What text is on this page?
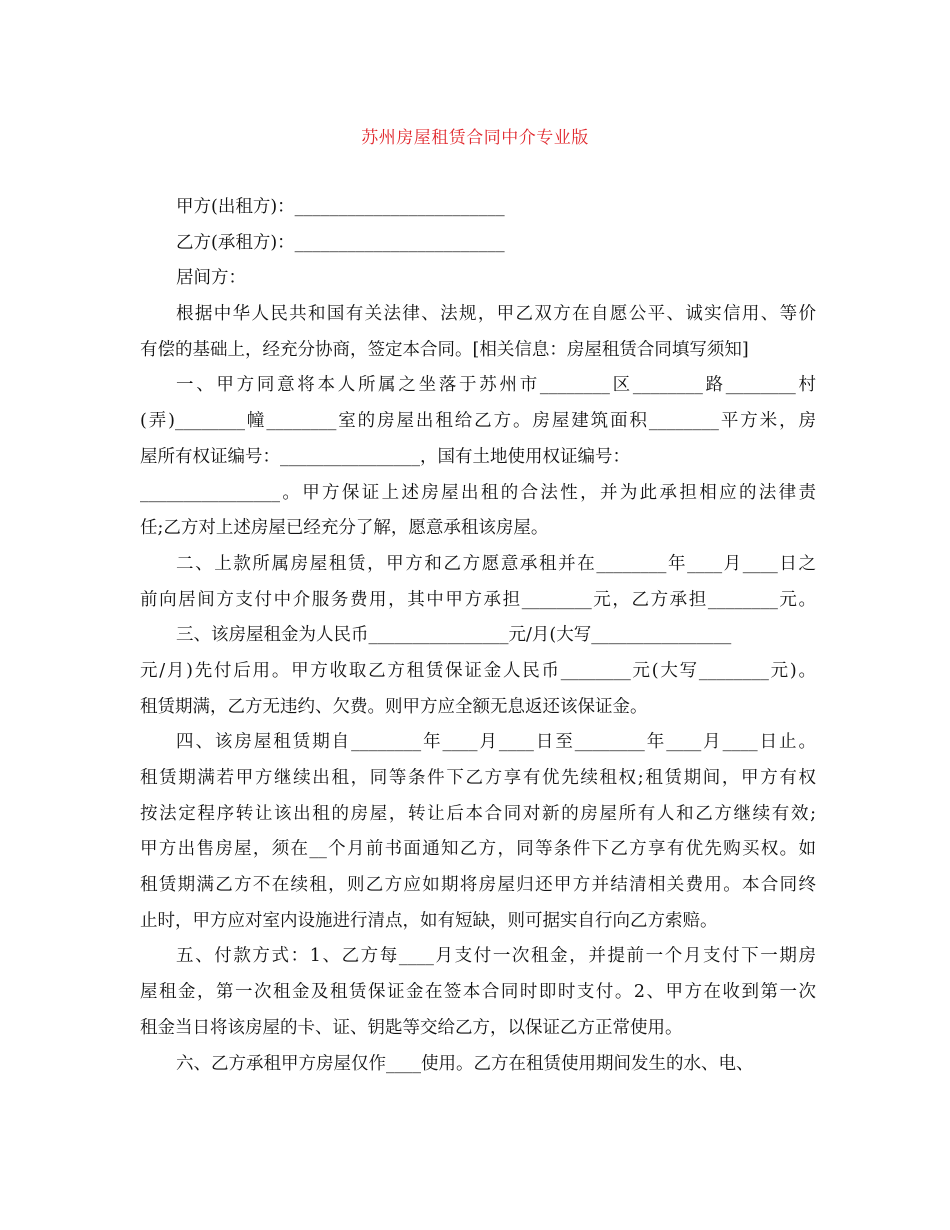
苏州房屋租赁合同中介专业版
甲方(出租方)：________________________
乙方(承租方)：________________________
居间方：
根据中华人民共和国有关法律、法规，甲乙双方在自愿公平、诚实信用、等价
有偿的基础上，经充分协商，签定本合同。[相关信息：房屋租赁合同填写须知]
一、甲方同意将本人所属之坐落于苏州市________区________路________村
(弄)________幢________室的房屋出租给乙方。房屋建筑面积________平方米，房
屋所有权证编号：________________，国有土地使用权证编号：
________________。甲方保证上述房屋出租的合法性，并为此承担相应的法律责
任;乙方对上述房屋已经充分了解，愿意承租该房屋。
二、上款所属房屋租赁，甲方和乙方愿意承租并在________年____月____日之
前向居间方支付中介服务费用，其中甲方承担________元，乙方承担________元。
三、该房屋租金为人民币________________元/月(大写________________
元/月)先付后用。甲方收取乙方租赁保证金人民币________元(大写________元)。
租赁期满，乙方无违约、欠费。则甲方应全额无息返还该保证金。
四、该房屋租赁期自________年____月____日至________年____月____日止。
租赁期满若甲方继续出租，同等条件下乙方享有优先续租权;租赁期间，甲方有权
按法定程序转让该出租的房屋，转让后本合同对新的房屋所有人和乙方继续有效;
甲方出售房屋，须在__个月前书面通知乙方，同等条件下乙方享有优先购买权。如
租赁期满乙方不在续租，则乙方应如期将房屋归还甲方并结清相关费用。本合同终
止时，甲方应对室内设施进行清点，如有短缺，则可据实自行向乙方索赔。
五、付款方式：1、乙方每____月支付一次租金，并提前一个月支付下一期房
屋租金，第一次租金及租赁保证金在签本合同时即时支付。2、甲方在收到第一次
租金当日将该房屋的卡、证、钥匙等交给乙方，以保证乙方正常使用。
六、乙方承租甲方房屋仅作____使用。乙方在租赁使用期间发生的水、电、
